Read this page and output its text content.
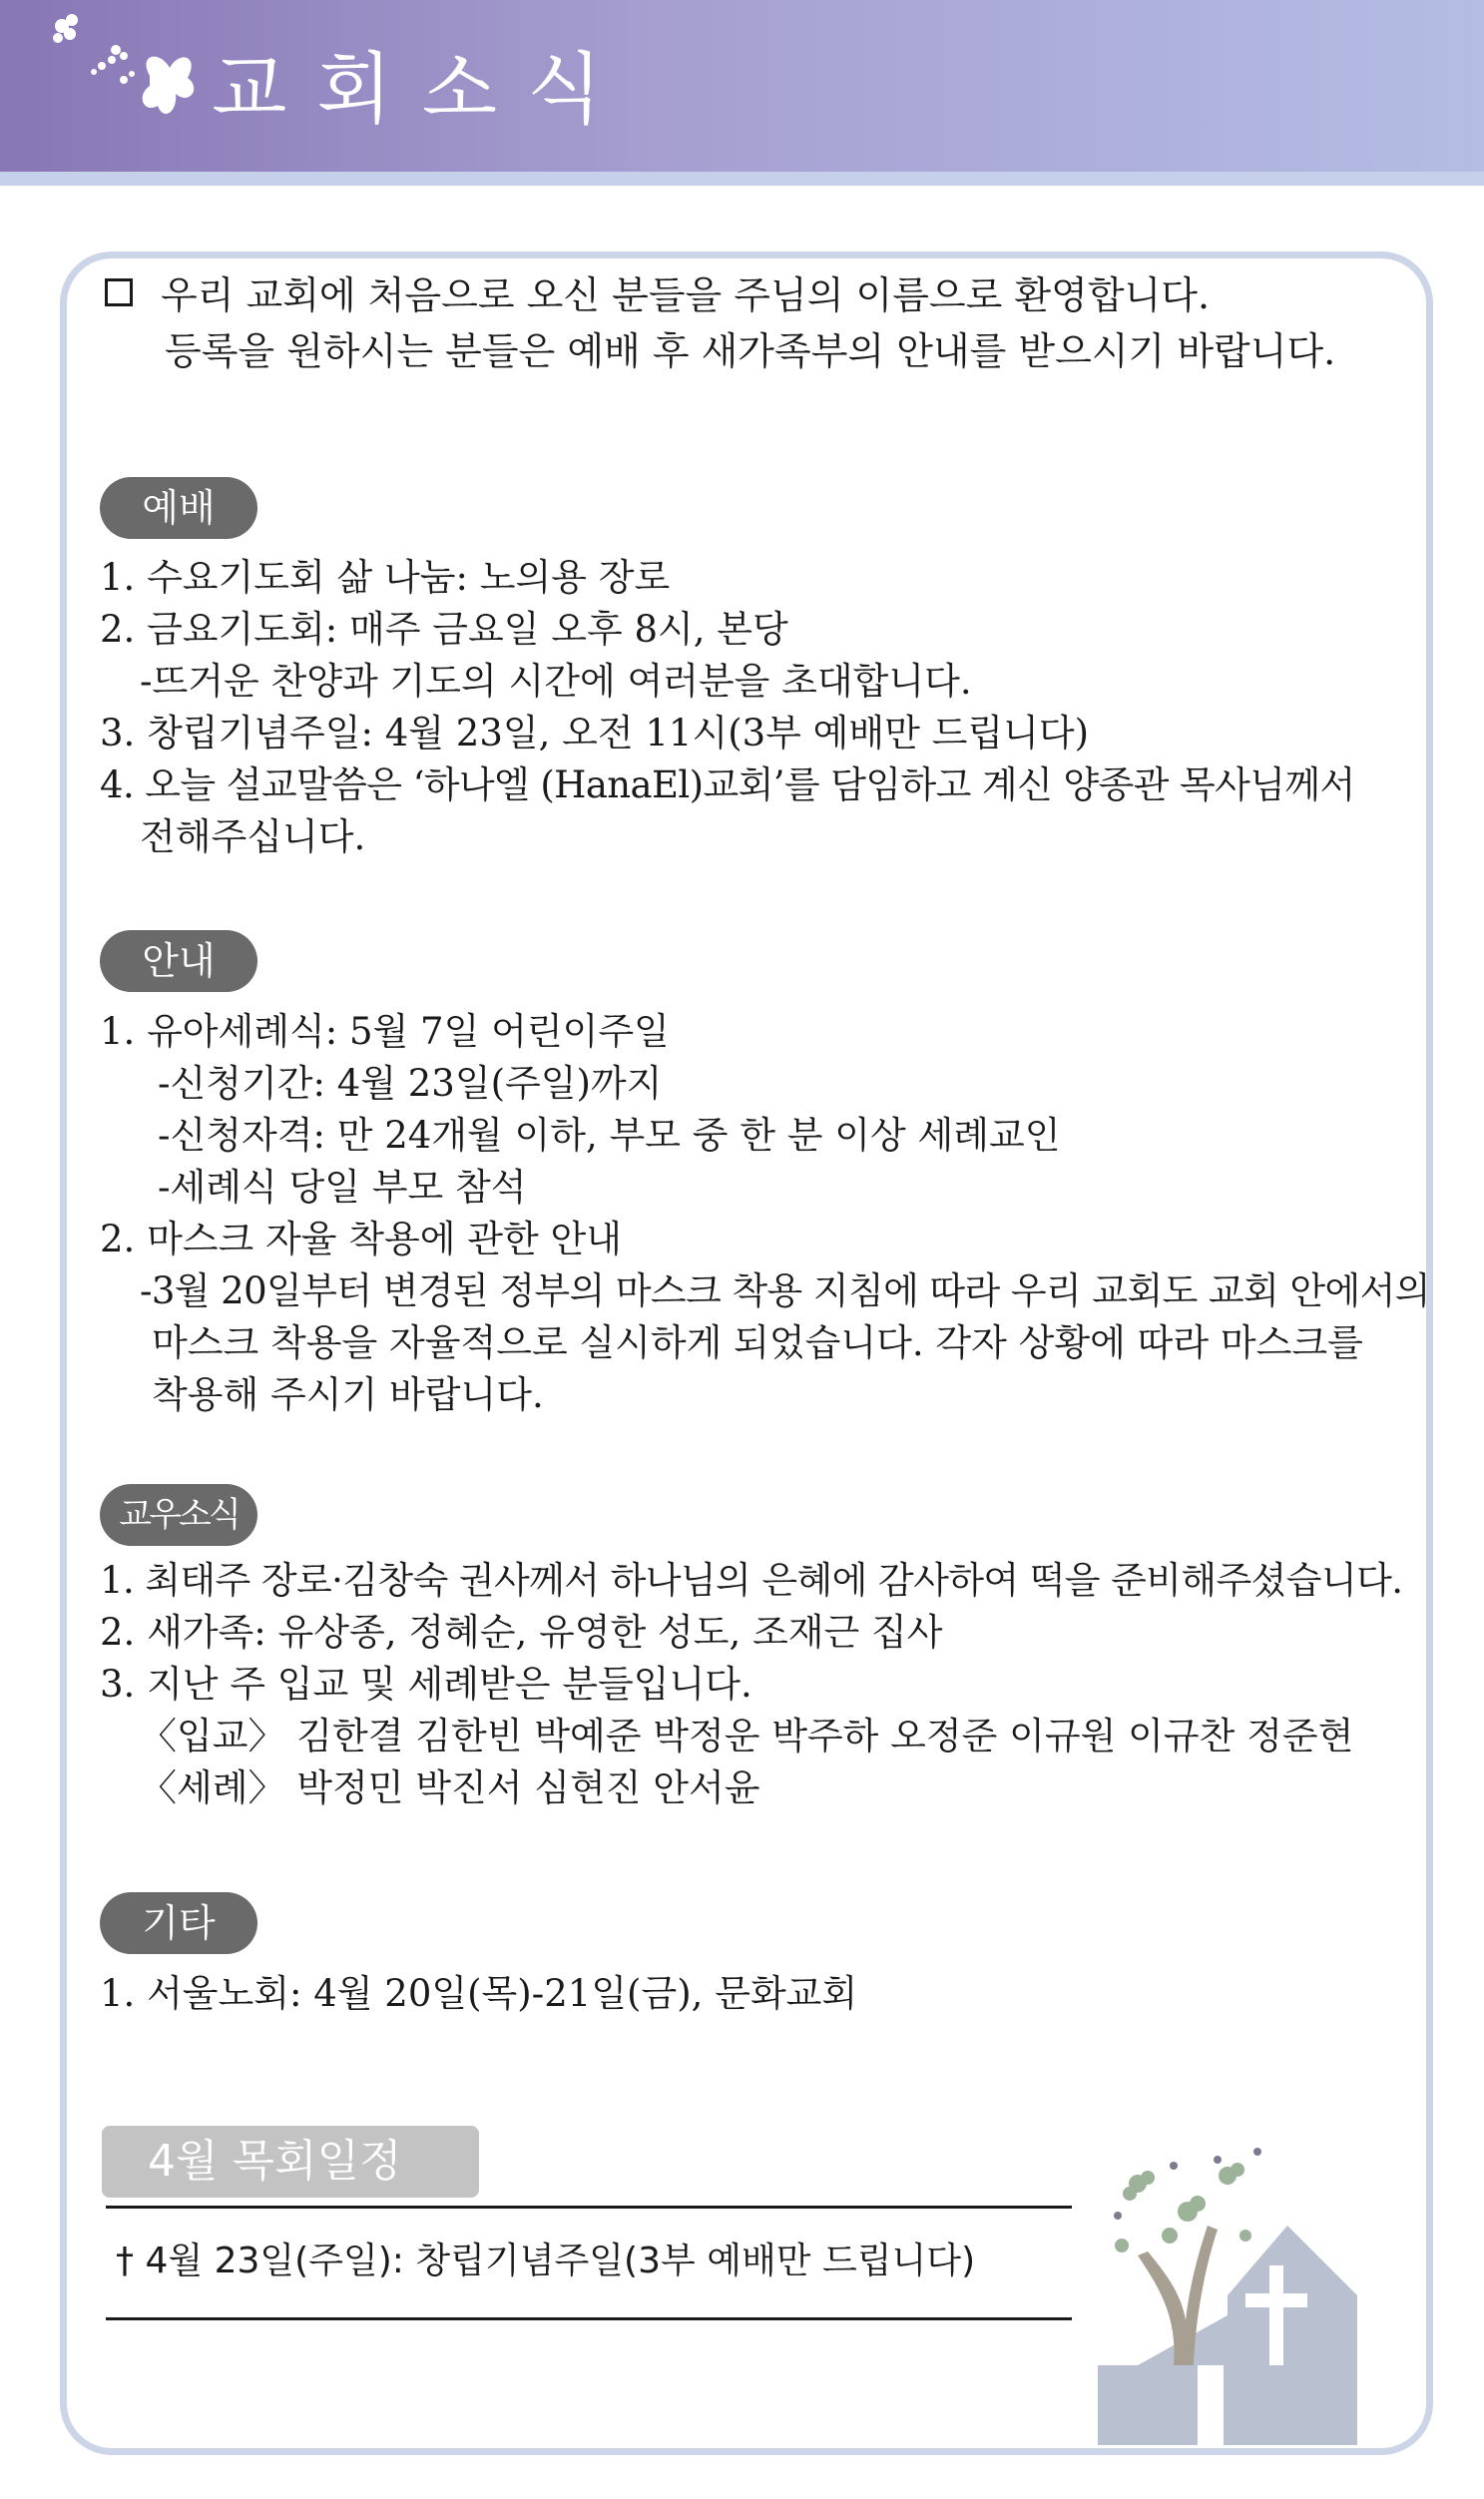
교회소식
우리 교회에 처음으로 오신 분들을 주님의 이름으로 환영합니다.
등록을 원하시는 분들은 예배 후 새가족부의 안내를 받으시기 바랍니다.
예배
1. 수요기도회 삶 나눔: 노의용 장로
2. 금요기도회: 매주 금요일 오후 8시, 본당
-뜨거운 찬양과 기도의 시간에 여러분을 초대합니다.
3. 창립기념주일: 4월 23일, 오전 11시(3부 예배만 드립니다)
4. 오늘 설교말씀은 ‘하나엘 (HanaEl)교회’를 담임하고 계신 양종관 목사님께서
전해주십니다.
안내
1. 유아세례식: 5월 7일 어린이주일
-신청기간: 4월 23일(주일)까지
-신청자격: 만 24개월 이하, 부모 중 한 분 이상 세례교인
-세례식 당일 부모 참석
2. 마스크 자율 착용에 관한 안내
-3월 20일부터 변경된 정부의 마스크 착용 지침에 따라 우리 교회도 교회 안에서의
마스크 착용을 자율적으로 실시하게 되었습니다. 각자 상황에 따라 마스크를
착용해 주시기 바랍니다.
교우소식
1. 최태주 장로·김창숙 권사께서 하나님의 은혜에 감사하여 떡을 준비해주셨습니다.
2. 새가족: 유상종, 정혜순, 유영한 성도, 조재근 집사
3. 지난 주 입교 및 세례받은 분들입니다.
〈입교〉 김한결 김한빈 박예준 박정운 박주하 오정준 이규원 이규찬 정준현
〈세례〉 박정민 박진서 심현진 안서윤
기타
1. 서울노회: 4월 20일(목)-21일(금), 문화교회
4월 목회일정
† 4월 23일(주일): 창립기념주일(3부 예배만 드립니다)
